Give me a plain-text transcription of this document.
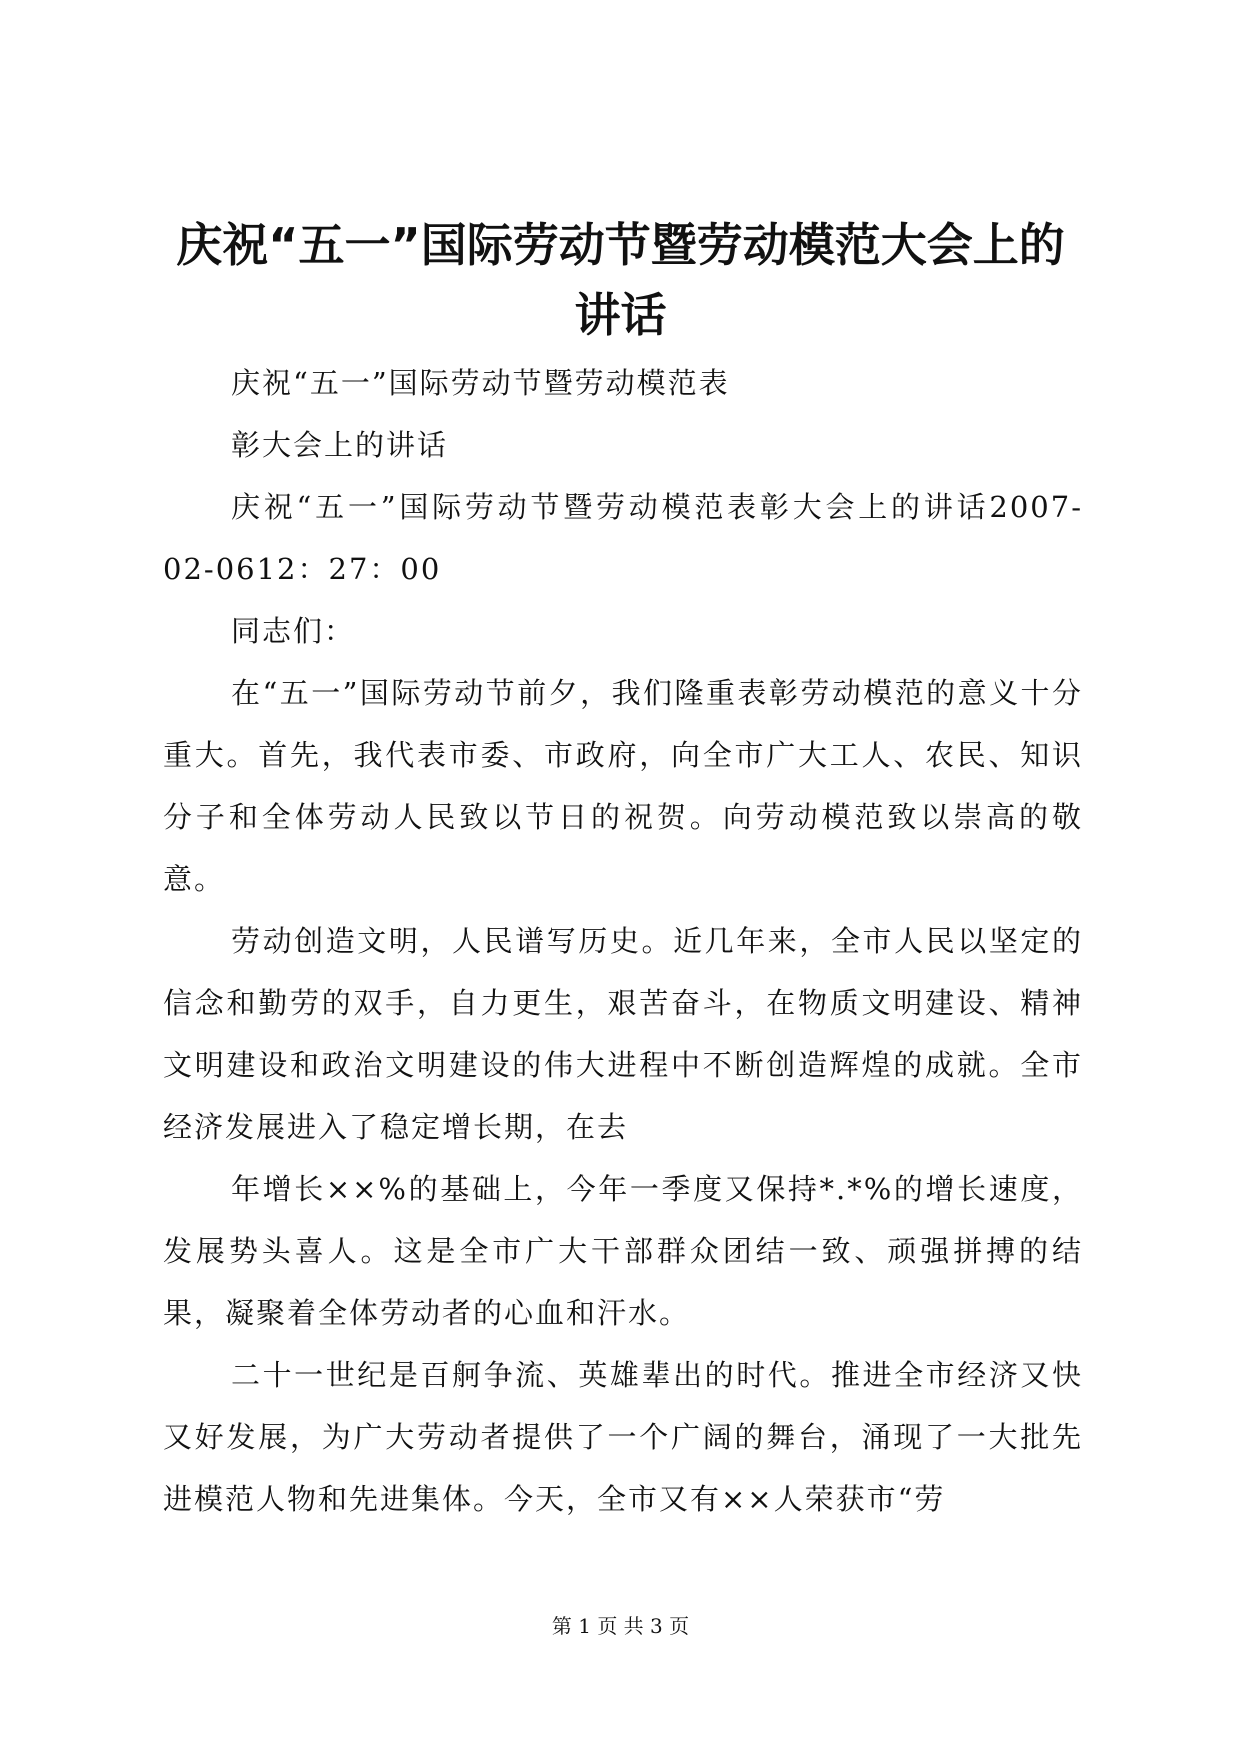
庆祝“五一”国际劳动节暨劳动模范大会上的
讲话

庆祝“五一”国际劳动节暨劳动模范表

彰大会上的讲话

庆祝“五一”国际劳动节暨劳动模范表彰大会上的讲话2007-02-0612：27：00

同志们：

在“五一”国际劳动节前夕，我们隆重表彰劳动模范的意义十分重大。首先，我代表市委、市政府，向全市广大工人、农民、知识分子和全体劳动人民致以节日的祝贺。向劳动模范致以崇高的敬意。

劳动创造文明，人民谱写历史。近几年来，全市人民以坚定的信念和勤劳的双手，自力更生，艰苦奋斗，在物质文明建设、精神文明建设和政治文明建设的伟大进程中不断创造辉煌的成就。全市经济发展进入了稳定增长期，在去

年增长××%的基础上，今年一季度又保持*.*%的增长速度，发展势头喜人。这是全市广大干部群众团结一致、顽强拼搏的结果，凝聚着全体劳动者的心血和汗水。

二十一世纪是百舸争流、英雄辈出的时代。推进全市经济又快又好发展，为广大劳动者提供了一个广阔的舞台，涌现了一大批先进模范人物和先进集体。今天，全市又有××人荣获市“劳

第 1 页 共 3 页
